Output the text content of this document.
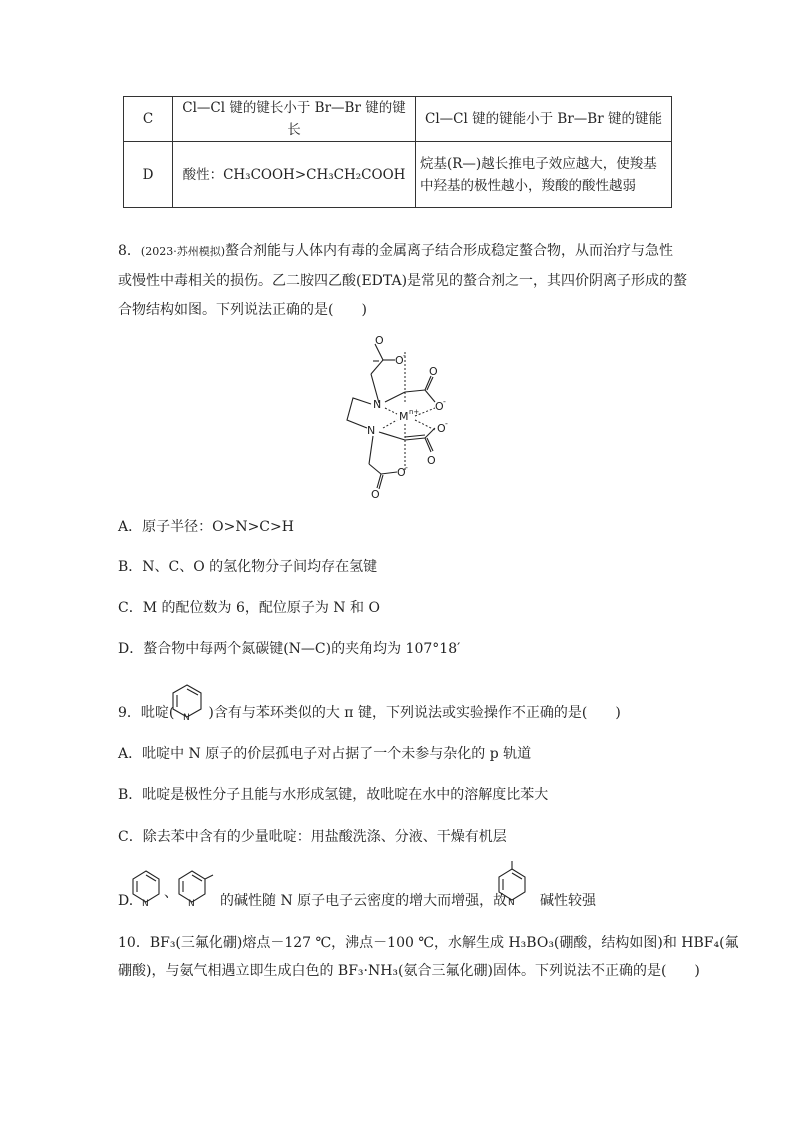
C	Cl—Cl 键的键长小于 Br—Br 键的键长	Cl—Cl 键的键能小于 Br—Br 键的键能
D	酸性：CH₃COOH>CH₃CH₂COOH	烷基(R—)越长推电子效应越大，使羧基
中羟基的极性越小，羧酸的酸性越弱
8．(2023·苏州模拟)螯合剂能与人体内有毒的金属离子结合形成稳定螯合物，从而治疗与急性
或慢性中毒相关的损伤。乙二胺四乙酸(EDTA)是常见的螯合剂之一，其四价阴离子形成的螯
合物结构如图。下列说法正确的是(　　)
O
O -
N
O
O -
M n+
N	O -
O
O -
O
A．原子半径：O>N>C>H
B．N、C、O 的氢化物分子间均存在氢键
C．M 的配位数为 6，配位原子为 N 和 O
D．螯合物中每两个氮碳键(N—C)的夹角均为 107°18′
9．吡啶( )含有与苯环类似的大 π 键，下列说法或实验操作不正确的是(　　)
N
A．吡啶中 N 原子的价层孤电子对占据了一个未参与杂化的 p 轨道
B．吡啶是极性分子且能与水形成氢键，故吡啶在水中的溶解度比苯大
C．除去苯中含有的少量吡啶：用盐酸洗涤、分液、干燥有机层
D. N
、
N 的碱性随 N 原子电子云密度的增大而增强，故 N 碱性较强
10．BF₃(三氟化硼)熔点－127 ℃，沸点－100 ℃，水解生成 H₃BO₃(硼酸，结构如图)和 HBF₄(氟
硼酸)，与氨气相遇立即生成白色的 BF₃·NH₃(氨合三氟化硼)固体。下列说法不正确的是(　　)
